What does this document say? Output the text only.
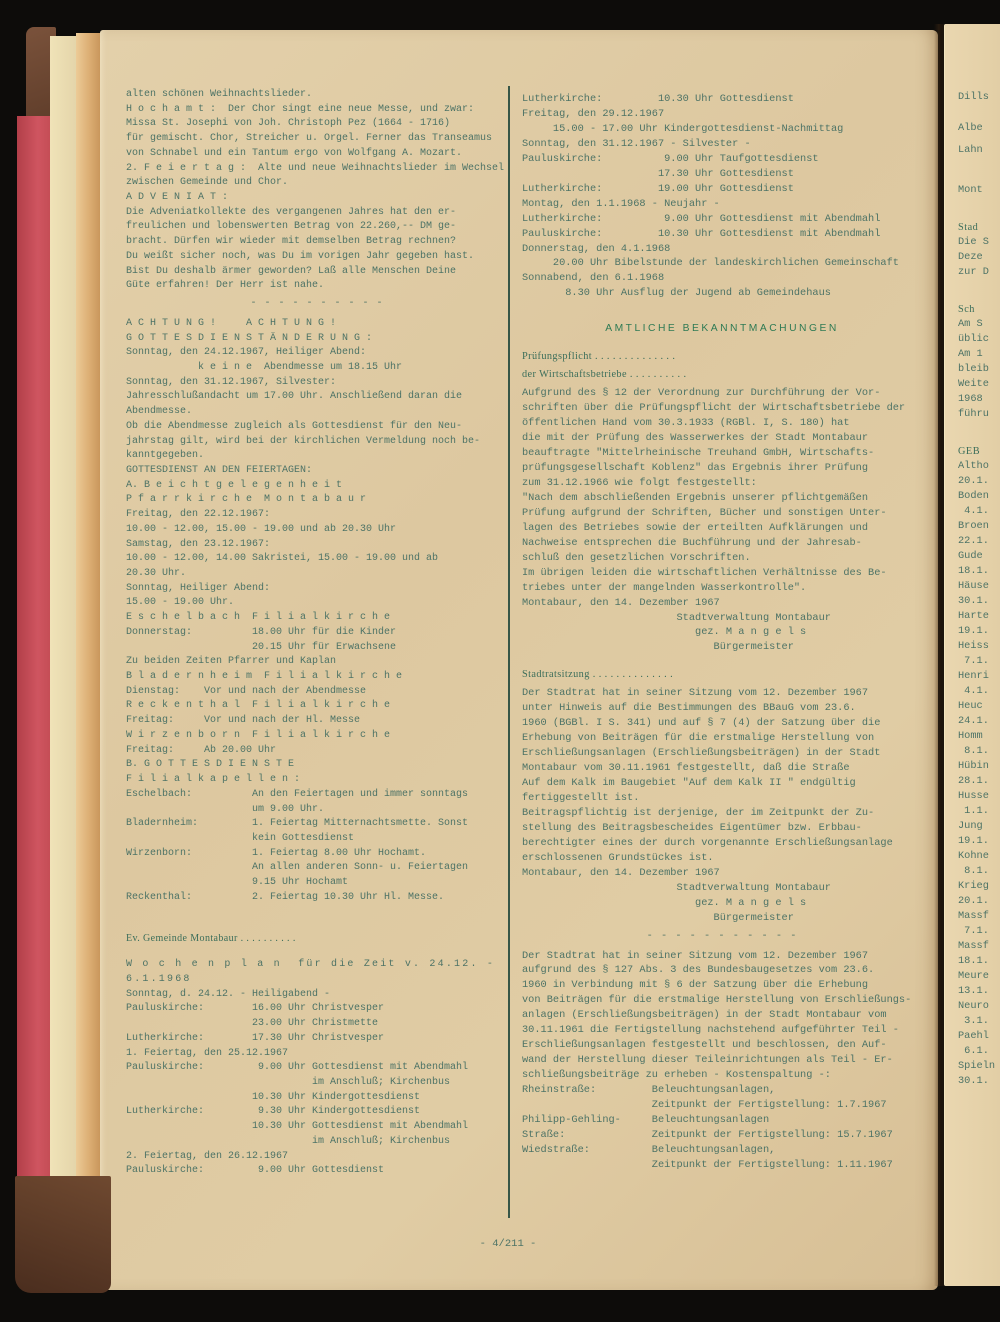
alten schönen Weihnachtslieder.
H o c h a m t :  Der Chor singt eine neue Messe, und zwar:
Missa St. Josephi von Joh. Christoph Pez (1664 - 1716)
für gemischt. Chor, Streicher u. Orgel. Ferner das Transeamus
von Schnabel und ein Tantum ergo von Wolfgang A. Mozart.
2. F e i e r t a g :  Alte und neue Weihnachtslieder im Wechsel
zwischen Gemeinde und Chor.
A D V E N I A T :
Die Adveniatkollekte des vergangenen Jahres hat den er-
freulichen und lobenswerten Betrag von 22.260,-- DM ge-
bracht. Dürfen wir wieder mit demselben Betrag rechnen?
Du weißt sicher noch, was Du im vorigen Jahr gegeben hast.
Bist Du deshalb ärmer geworden? Laß alle Menschen Deine
Güte erfahren! Der Herr ist nahe.
- - - - - - - - - -
A C H T U N G !     A C H T U N G !
G O T T E S D I E N S T Ä N D E R U N G :
Sonntag, den 24.12.1967, Heiliger Abend:
k e i n e  Abendmesse um 18.15 Uhr
Sonntag, den 31.12.1967, Silvester:
Jahresschlußandacht um 17.00 Uhr. Anschließend daran die
Abendmesse.
Ob die Abendmesse zugleich als Gottesdienst für den Neu-
jahrstag gilt, wird bei der kirchlichen Vermeldung noch be-
kanntgegeben.
GOTTESDIENST AN DEN FEIERTAGEN:
A. B e i c h t g e l e g e n h e i t
P f a r r k i r c h e  M o n t a b a u r
Freitag, den 22.12.1967:
10.00 - 12.00, 15.00 - 19.00 und ab 20.30 Uhr
Samstag, den 23.12.1967:
10.00 - 12.00, 14.00 Sakristei, 15.00 - 19.00 und ab
20.30 Uhr.
Sonntag, Heiliger Abend:
15.00 - 19.00 Uhr.
E s c h e l b a c h  F i l i a l k i r c h e
Donnerstag:          18.00 Uhr für die Kinder
20.15 Uhr für Erwachsene
Zu beiden Zeiten Pfarrer und Kaplan
B l a d e r n h e i m  F i l i a l k i r c h e
Dienstag:    Vor und nach der Abendmesse
R e c k e n t h a l  F i l i a l k i r c h e
Freitag:     Vor und nach der Hl. Messe
W i r z e n b o r n  F i l i a l k i r c h e
Freitag:     Ab 20.00 Uhr
B. G O T T E S D I E N S T E
F i l i a l k a p e l l e n :
Eschelbach:          An den Feiertagen und immer sonntags
um 9.00 Uhr.
Bladernheim:         1. Feiertag Mitternachtsmette. Sonst
kein Gottesdienst
Wirzenborn:          1. Feiertag 8.00 Uhr Hochamt.
An allen anderen Sonn- u. Feiertagen
9.15 Uhr Hochamt
Reckenthal:          2. Feiertag 10.30 Uhr Hl. Messe.
Ev. Gemeinde Montabaur . . . . . . . . . .
W o c h e n p l a n  für die Zeit v. 24.12. -
6.1.1968
Sonntag, d. 24.12. - Heiligabend -
Pauluskirche:        16.00 Uhr Christvesper
23.00 Uhr Christmette
Lutherkirche:        17.30 Uhr Christvesper
1. Feiertag, den 25.12.1967
Pauluskirche:         9.00 Uhr Gottesdienst mit Abendmahl
im Anschluß; Kirchenbus
10.30 Uhr Kindergottesdienst
Lutherkirche:         9.30 Uhr Kindergottesdienst
10.30 Uhr Gottesdienst mit Abendmahl
im Anschluß; Kirchenbus
2. Feiertag, den 26.12.1967
Pauluskirche:         9.00 Uhr Gottesdienst
Lutherkirche:         10.30 Uhr Gottesdienst
Freitag, den 29.12.1967
15.00 - 17.00 Uhr Kindergottesdienst-Nachmittag
Sonntag, den 31.12.1967 - Silvester -
Pauluskirche:          9.00 Uhr Taufgottesdienst
17.30 Uhr Gottesdienst
Lutherkirche:         19.00 Uhr Gottesdienst
Montag, den 1.1.1968 - Neujahr -
Lutherkirche:          9.00 Uhr Gottesdienst mit Abendmahl
Pauluskirche:         10.30 Uhr Gottesdienst mit Abendmahl
Donnerstag, den 4.1.1968
20.00 Uhr Bibelstunde der landeskirchlichen Gemeinschaft
Sonnabend, den 6.1.1968
8.30 Uhr Ausflug der Jugend ab Gemeindehaus
AMTLICHE BEKANNTMACHUNGEN
Prüfungspflicht . . . . . . . . . . . . . .
der Wirtschaftsbetriebe . . . . . . . . . .
Aufgrund des § 12 der Verordnung zur Durchführung der Vor-
schriften über die Prüfungspflicht der Wirtschaftsbetriebe der
öffentlichen Hand vom 30.3.1933 (RGBl. I, S. 180) hat
die mit der Prüfung des Wasserwerkes der Stadt Montabaur
beauftragte "Mittelrheinische Treuhand GmbH, Wirtschafts-
prüfungsgesellschaft Koblenz" das Ergebnis ihrer Prüfung
zum 31.12.1966 wie folgt festgestellt:
"Nach dem abschließenden Ergebnis unserer pflichtgemäßen
Prüfung aufgrund der Schriften, Bücher und sonstigen Unter-
lagen des Betriebes sowie der erteilten Aufklärungen und
Nachweise entsprechen die Buchführung und der Jahresab-
schluß den gesetzlichen Vorschriften.
Im übrigen leiden die wirtschaftlichen Verhältnisse des Be-
triebes unter der mangelnden Wasserkontrolle".
Montabaur, den 14. Dezember 1967
Stadtverwaltung Montabaur
gez. M a n g e l s
Bürgermeister
Stadtratsitzung . . . . . . . . . . . . . .
Der Stadtrat hat in seiner Sitzung vom 12. Dezember 1967
unter Hinweis auf die Bestimmungen des BBauG vom 23.6.
1960 (BGBl. I S. 341) und auf § 7 (4) der Satzung über die
Erhebung von Beiträgen für die erstmalige Herstellung von
Erschließungsanlagen (Erschließungsbeiträgen) in der Stadt
Montabaur vom 30.11.1961 festgestellt, daß die Straße
Auf dem Kalk im Baugebiet "Auf dem Kalk II " endgültig
fertiggestellt ist.
Beitragspflichtig ist derjenige, der im Zeitpunkt der Zu-
stellung des Beitragsbescheides Eigentümer bzw. Erbbau-
berechtigter eines der durch vorgenannte Erschließungsanlage
erschlossenen Grundstückes ist.
Montabaur, den 14. Dezember 1967
Stadtverwaltung Montabaur
gez. M a n g e l s
Bürgermeister
- - - - - - - - - - -
Der Stadtrat hat in seiner Sitzung vom 12. Dezember 1967
aufgrund des § 127 Abs. 3 des Bundesbaugesetzes vom 23.6.
1960 in Verbindung mit § 6 der Satzung über die Erhebung
von Beiträgen für die erstmalige Herstellung von Erschließungs-
anlagen (Erschließungsbeiträgen) in der Stadt Montabaur vom
30.11.1961 die Fertigstellung nachstehend aufgeführter Teil -
Erschließungsanlagen festgestellt und beschlossen, den Auf-
wand der Herstellung dieser Teileinrichtungen als Teil - Er-
schließungsbeiträge zu erheben - Kostenspaltung -:
Rheinstraße:         Beleuchtungsanlagen,
Zeitpunkt der Fertigstellung: 1.7.1967
Philipp-Gehling-     Beleuchtungsanlagen
Straße:              Zeitpunkt der Fertigstellung: 15.7.1967
Wiedstraße:          Beleuchtungsanlagen,
Zeitpunkt der Fertigstellung: 1.11.1967
- 4/211 -
Dills

Albe

Lahn

Mont

Stad
Die S
Deze
zur D

Sch
Am S
üblic
Am 1
bleib
Weite
1968
führu

GEB
Altho
20.1.
Boden
4.1.
Broen
22.1.
Gude
18.1.
Häuse
30.1.
Harte
19.1.
Heiss
7.1.
Henri
4.1.
Heuc
24.1.
Homm
8.1.
Hübin
28.1.
Husse
1.1.
Jung
19.1.
Kohne
8.1.
Krieg
20.1.
Massf
7.1.
Massf
18.1.
Meure
13.1.
Neuro
3.1.
Paehl
6.1.
Spieln
30.1.
